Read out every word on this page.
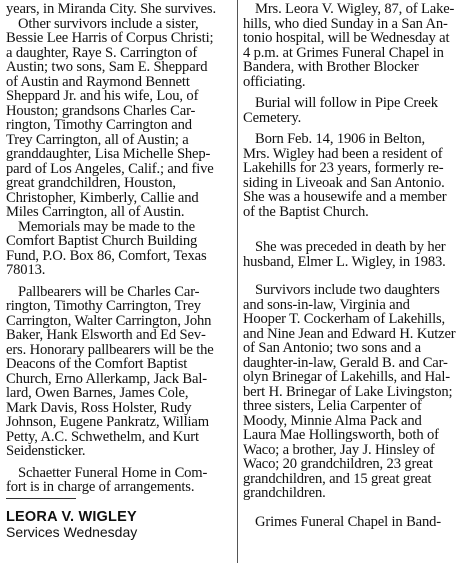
years, in Miranda City. She survives.
Other survivors include a sister,
Bessie Lee Harris of Corpus Christi;
a daughter, Raye S. Carrington of
Austin; two sons, Sam E. Sheppard
of Austin and Raymond Bennett
Sheppard Jr. and his wife, Lou, of
Houston; grandsons Charles Car-
rington, Timothy Carrington and
Trey Carrington, all of Austin; a
granddaughter, Lisa Michelle Shep-
pard of Los Angeles, Calif.; and five
great grandchildren, Houston,
Christopher, Kimberly, Callie and
Miles Carrington, all of Austin.
Memorials may be made to the
Comfort Baptist Church Building
Fund, P.O. Box 86, Comfort, Texas
78013.
Pallbearers will be Charles Car-
rington, Timothy Carrington, Trey
Carrington, Walter Carrington, John
Baker, Hank Elsworth and Ed Sev-
ers. Honorary pallbearers will be the
Deacons of the Comfort Baptist
Church, Erno Allerkamp, Jack Bal-
lard, Owen Barnes, James Cole,
Mark Davis, Ross Holster, Rudy
Johnson, Eugene Pankratz, William
Petty, A.C. Schwethelm, and Kurt
Seidensticker.
Schaetter Funeral Home in Com-
fort is in charge of arrangements.
LEORA V. WIGLEY
Services Wednesday
Mrs. Leora V. Wigley, 87, of Lake-
hills, who died Sunday in a San An-
tonio hospital, will be Wednesday at
4 p.m. at Grimes Funeral Chapel in
Bandera, with Brother Blocker
officiating.
Burial will follow in Pipe Creek
Cemetery.
Born Feb. 14, 1906 in Belton,
Mrs. Wigley had been a resident of
Lakehills for 23 years, formerly re-
siding in Liveoak and San Antonio.
She was a housewife and a member
of the Baptist Church.
She was preceded in death by her
husband, Elmer L. Wigley, in 1983.
Survivors include two daughters
and sons-in-law, Virginia and
Hooper T. Cockerham of Lakehills,
and Nine Jean and Edward H. Kutzer
of San Antonio; two sons and a
daughter-in-law, Gerald B. and Car-
olyn Brinegar of Lakehills, and Hal-
bert H. Brinegar of Lake Livingston;
three sisters, Lelia Carpenter of
Moody, Minnie Alma Pack and
Laura Mae Hollingsworth, both of
Waco; a brother, Jay J. Hinsley of
Waco; 20 grandchildren, 23 great
grandchildren, and 15 great great
grandchildren.
Grimes Funeral Chapel in Band-
